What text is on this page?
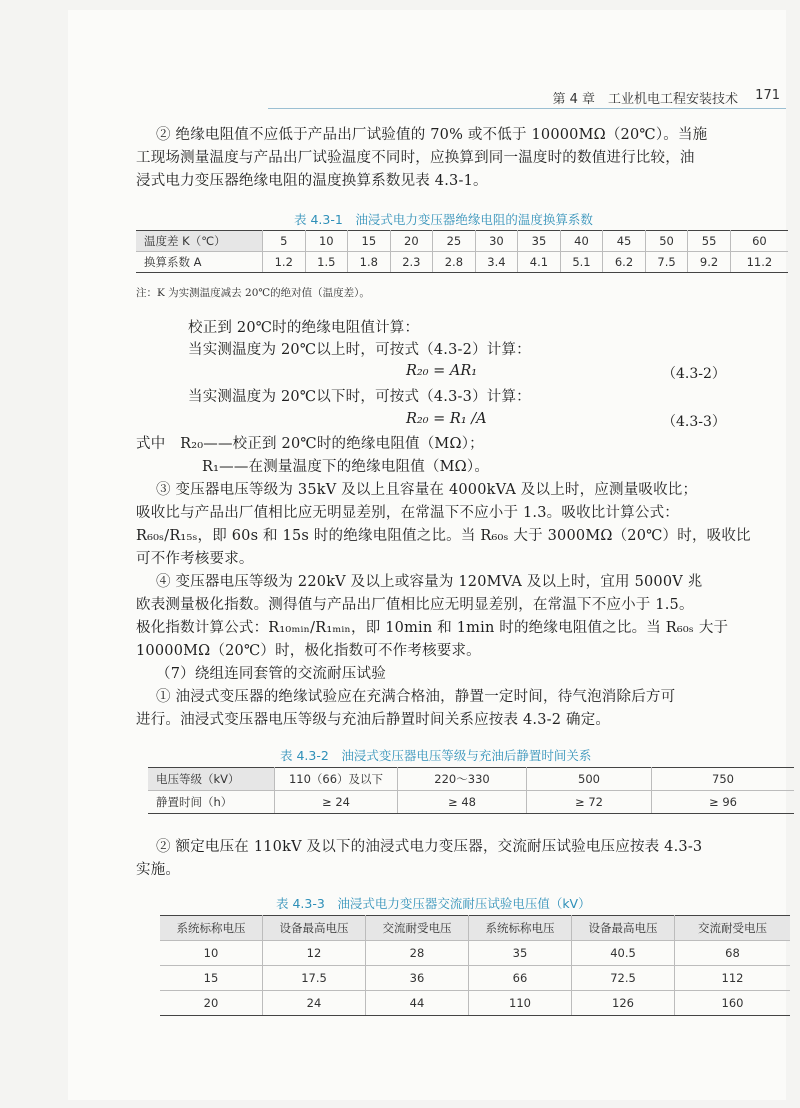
第 4 章　工业机电工程安装技术 171

② 绝缘电阻值不应低于产品出厂试验值的 70% 或不低于 10000MΩ（20℃）。当施

工现场测量温度与产品出厂试验温度不同时，应换算到同一温度时的数值进行比较，油

浸式电力变压器绝缘电阻的温度换算系数见表 4.3-1。

表 4.3-1　油浸式电力变压器绝缘电阻的温度换算系数
温度差 K（℃）	5	10	15	20	25	30	35	40	45	50	55	60
换算系数 A	1.2	1.5	1.8	2.3	2.8	3.4	4.1	5.1	6.2	7.5	9.2	11.2
注：K 为实测温度减去 20℃的绝对值（温度差）。

校正到 20℃时的绝缘电阻值计算：

当实测温度为 20℃以上时，可按式（4.3-2）计算：

R₂₀ = AR₁	（4.3-2）

当实测温度为 20℃以下时，可按式（4.3-3）计算：

R₂₀ = R₁ /A	（4.3-3）

式中　R₂₀——校正到 20℃时的绝缘电阻值（MΩ）；

R₁——在测量温度下的绝缘电阻值（MΩ）。

③ 变压器电压等级为 35kV 及以上且容量在 4000kVA 及以上时，应测量吸收比；

吸收比与产品出厂值相比应无明显差别，在常温下不应小于 1.3。吸收比计算公式：

R₆₀ₛ/R₁₅ₛ，即 60s 和 15s 时的绝缘电阻值之比。当 R₆₀ₛ 大于 3000MΩ（20℃）时，吸收比

可不作考核要求。

④ 变压器电压等级为 220kV 及以上或容量为 120MVA 及以上时，宜用 5000V 兆

欧表测量极化指数。测得值与产品出厂值相比应无明显差别，在常温下不应小于 1.5。

极化指数计算公式：R₁₀ₘᵢₙ/R₁ₘᵢₙ，即 10min 和 1min 时的绝缘电阻值之比。当 R₆₀ₛ 大于

10000MΩ（20℃）时，极化指数可不作考核要求。

（7）绕组连同套管的交流耐压试验

① 油浸式变压器的绝缘试验应在充满合格油，静置一定时间，待气泡消除后方可

进行。油浸式变压器电压等级与充油后静置时间关系应按表 4.3-2 确定。

表 4.3-2　油浸式变压器电压等级与充油后静置时间关系
电压等级（kV）	110（66）及以下	220～330	500	750
静置时间（h）	≥ 24	≥ 48	≥ 72	≥ 96

② 额定电压在 110kV 及以下的油浸式电力变压器，交流耐压试验电压应按表 4.3-3

实施。

表 4.3-3　油浸式电力变压器交流耐压试验电压值（kV）
系统标称电压	设备最高电压	交流耐受电压	系统标称电压	设备最高电压	交流耐受电压
10	12	28	35	40.5	68
15	17.5	36	66	72.5	112
20	24	44	110	126	160
